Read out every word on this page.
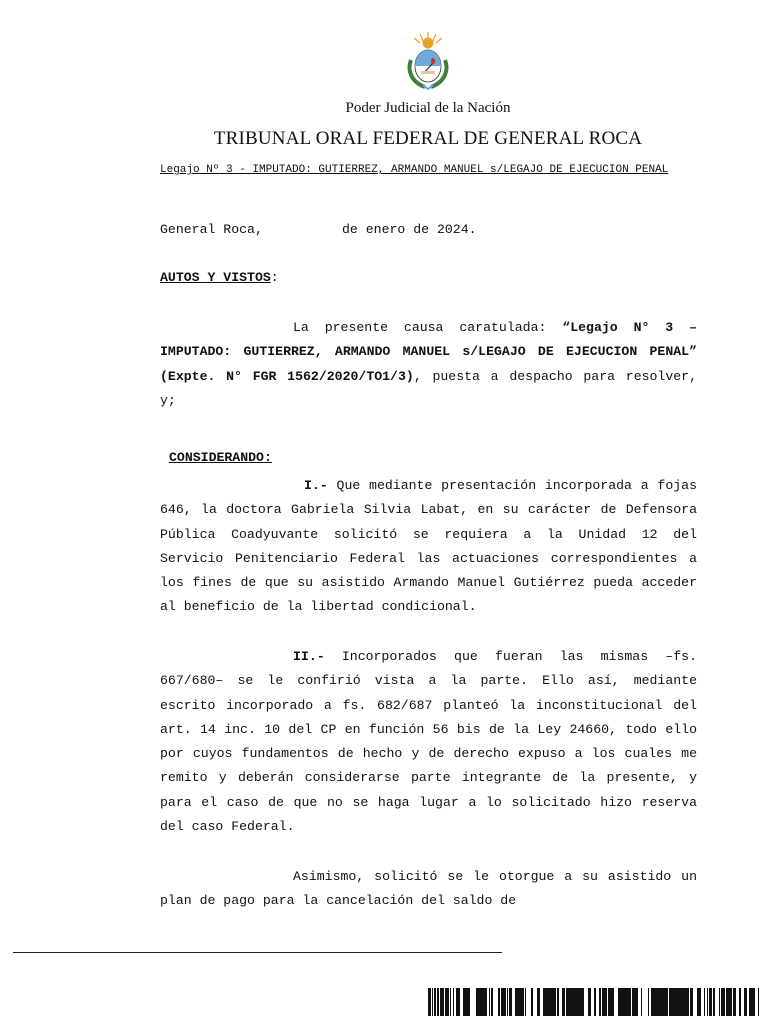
Poder Judicial de la Nación
TRIBUNAL ORAL FEDERAL DE GENERAL ROCA
Legajo Nº 3 - IMPUTADO: GUTIERREZ, ARMANDO MANUEL s/LEGAJO DE EJECUCION PENAL
General Roca,          de enero de 2024.
AUTOS Y VISTOS:
La presente causa caratulada: “Legajo N° 3 – IMPUTADO: GUTIERREZ, ARMANDO MANUEL s/LEGAJO DE EJECUCION PENAL” (Expte. N° FGR 1562/2020/TO1/3), puesta a despacho para resolver, y;
CONSIDERANDO:
I.- Que mediante presentación incorporada a fojas 646, la doctora Gabriela Silvia Labat, en su carácter de Defensora Pública Coadyuvante solicitó se requiera a la Unidad 12 del Servicio Penitenciario Federal las actuaciones correspondientes a los fines de que su asistido Armando Manuel Gutiérrez pueda acceder al beneficio de la libertad condicional.
II.- Incorporados que fueran las mismas –fs. 667/680– se le confirió vista a la parte. Ello así, mediante escrito incorporado a fs. 682/687 planteó la inconstitucional del art. 14 inc. 10 del CP en función 56 bis de la Ley 24660, todo ello por cuyos fundamentos de hecho y de derecho expuso a los cuales me remito y deberán considerarse parte integrante de la presente, y para el caso de que no se haga lugar a lo solicitado hizo reserva del caso Federal.
Asimismo, solicitó se le otorgue a su asistido un plan de pago para la cancelación del saldo de
